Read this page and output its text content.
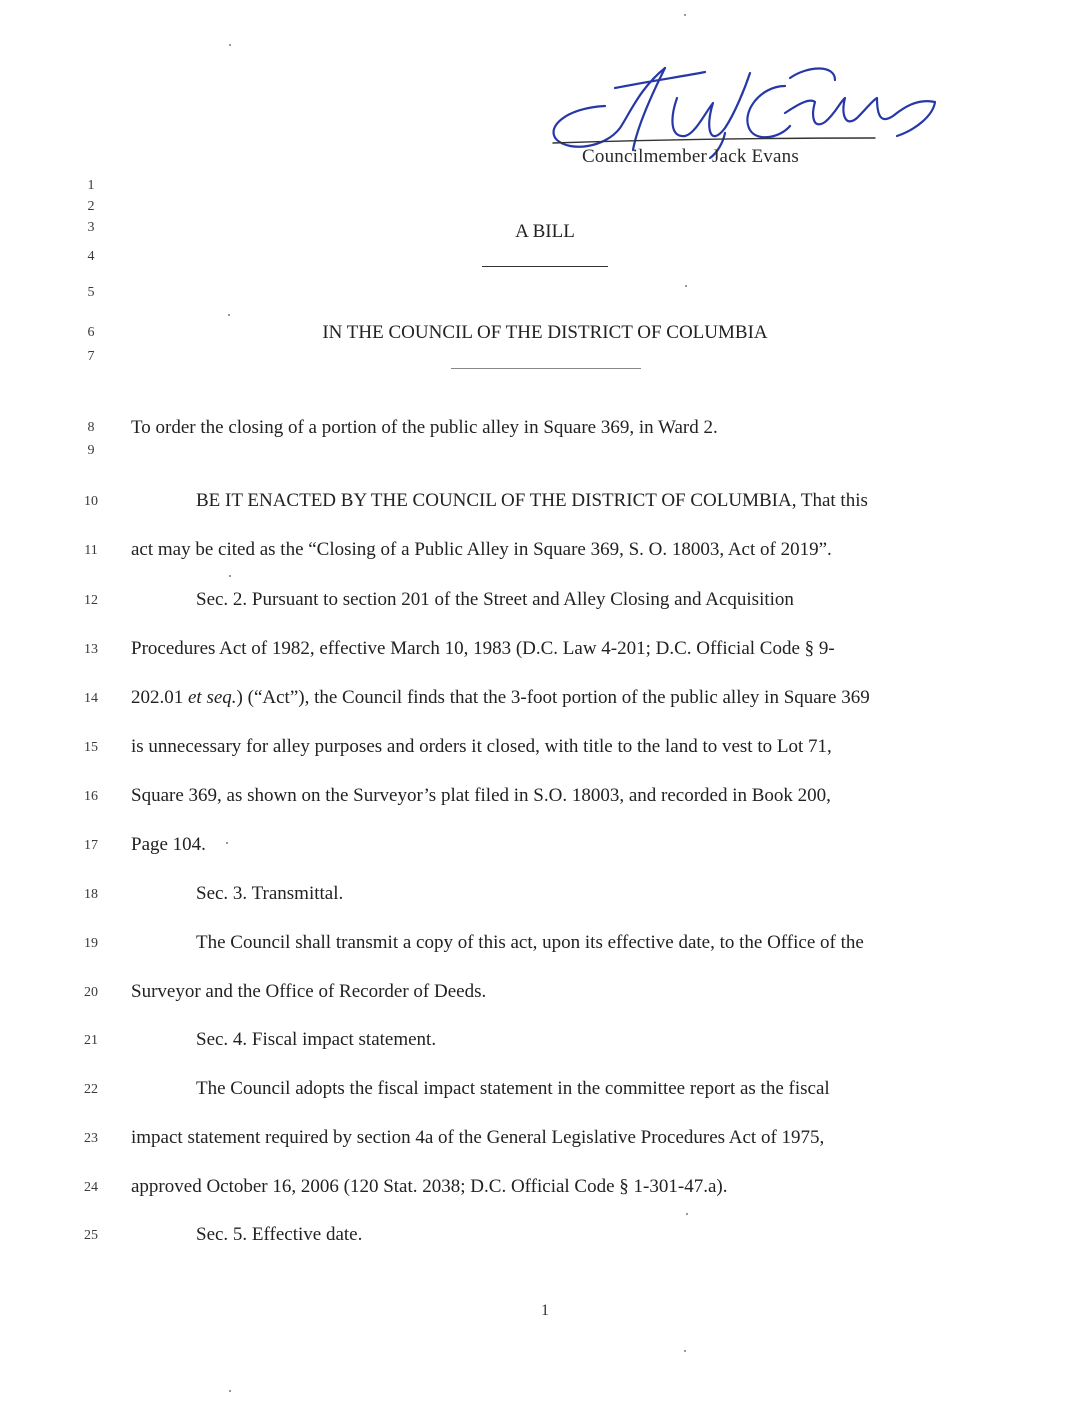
Councilmember Jack Evans
1
2
3
4
5
6
7
8
9
10
11
12
13
14
15
16
17
18
19
20
21
22
23
24
25
A BILL
IN THE COUNCIL OF THE DISTRICT OF COLUMBIA
To order the closing of a portion of the public alley in Square 369, in Ward 2.
BE IT ENACTED BY THE COUNCIL OF THE DISTRICT OF COLUMBIA, That this
act may be cited as the “Closing of a Public Alley in Square 369, S. O. 18003, Act of 2019”.
Sec. 2. Pursuant to section 201 of the Street and Alley Closing and Acquisition
Procedures Act of 1982, effective March 10, 1983 (D.C. Law 4-201; D.C. Official Code § 9-
202.01 et seq.) (“Act”), the Council finds that the 3-foot portion of the public alley in Square 369
is unnecessary for alley purposes and orders it closed, with title to the land to vest to Lot 71,
Square 369, as shown on the Surveyor’s plat filed in S.O. 18003, and recorded in Book 200,
Page 104.
Sec. 3. Transmittal.
The Council shall transmit a copy of this act, upon its effective date, to the Office of the
Surveyor and the Office of Recorder of Deeds.
Sec. 4. Fiscal impact statement.
The Council adopts the fiscal impact statement in the committee report as the fiscal
impact statement required by section 4a of the General Legislative Procedures Act of 1975,
approved October 16, 2006 (120 Stat. 2038; D.C. Official Code § 1-301-47.a).
Sec. 5. Effective date.
1
